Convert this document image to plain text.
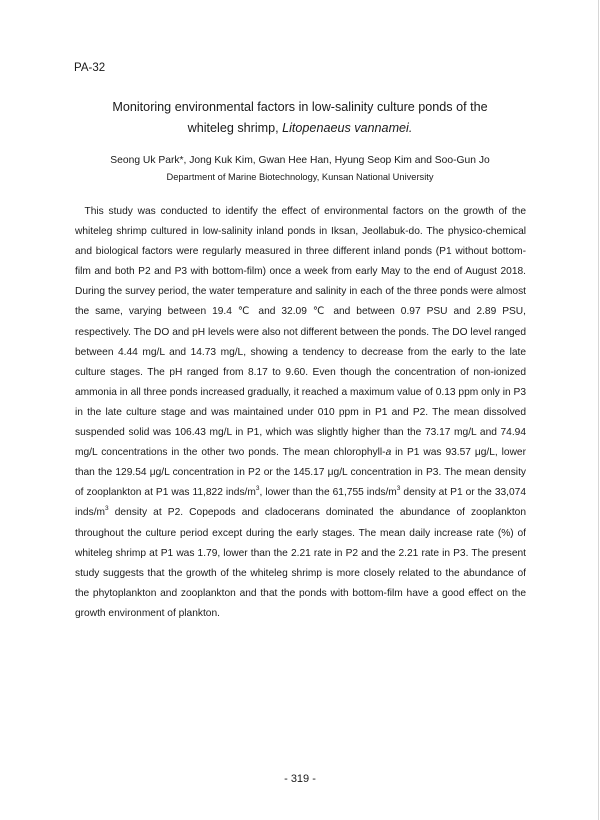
PA-32
Monitoring environmental factors in low-salinity culture ponds of the
whiteleg shrimp, Litopenaeus vannamei.
Seong Uk Park*, Jong Kuk Kim, Gwan Hee Han, Hyung Seop Kim and Soo-Gun Jo
Department of Marine Biotechnology, Kunsan National University
This study was conducted to identify the effect of environmental factors on the growth of the whiteleg shrimp cultured in low-salinity inland ponds in Iksan, Jeollabuk-do. The physico-chemical and biological factors were regularly measured in three different inland ponds (P1 without bottom-film and both P2 and P3 with bottom-film) once a week from early May to the end of August 2018. During the survey period, the water temperature and salinity in each of the three ponds were almost the same, varying between 19.4 ℃ and 32.09 ℃ and between 0.97 PSU and 2.89 PSU, respectively. The DO and pH levels were also not different between the ponds. The DO level ranged between 4.44 mg/L and 14.73 mg/L, showing a tendency to decrease from the early to the late culture stages. The pH ranged from 8.17 to 9.60. Even though the concentration of non-ionized ammonia in all three ponds increased gradually, it reached a maximum value of 0.13 ppm only in P3 in the late culture stage and was maintained under 010 ppm in P1 and P2. The mean dissolved suspended solid was 106.43 mg/L in P1, which was slightly higher than the 73.17 mg/L and 74.94 mg/L concentrations in the other two ponds. The mean chlorophyll-a in P1 was 93.57 μg/L, lower than the 129.54 μg/L concentration in P2 or the 145.17 μg/L concentration in P3. The mean density of zooplankton at P1 was 11,822 inds/$m^3$, lower than the 61,755 inds/$m^3$ density at P1 or the 33,074 inds/$m^3$ density at P2. Copepods and cladocerans dominated the abundance of zooplankton throughout the culture period except during the early stages. The mean daily increase rate (%) of whiteleg shrimp at P1 was 1.79, lower than the 2.21 rate in P2 and the 2.21 rate in P3. The present study suggests that the growth of the whiteleg shrimp is more closely related to the abundance of the phytoplankton and zooplankton and that the ponds with bottom-film have a good effect on the growth environment of plankton.
- 319 -
